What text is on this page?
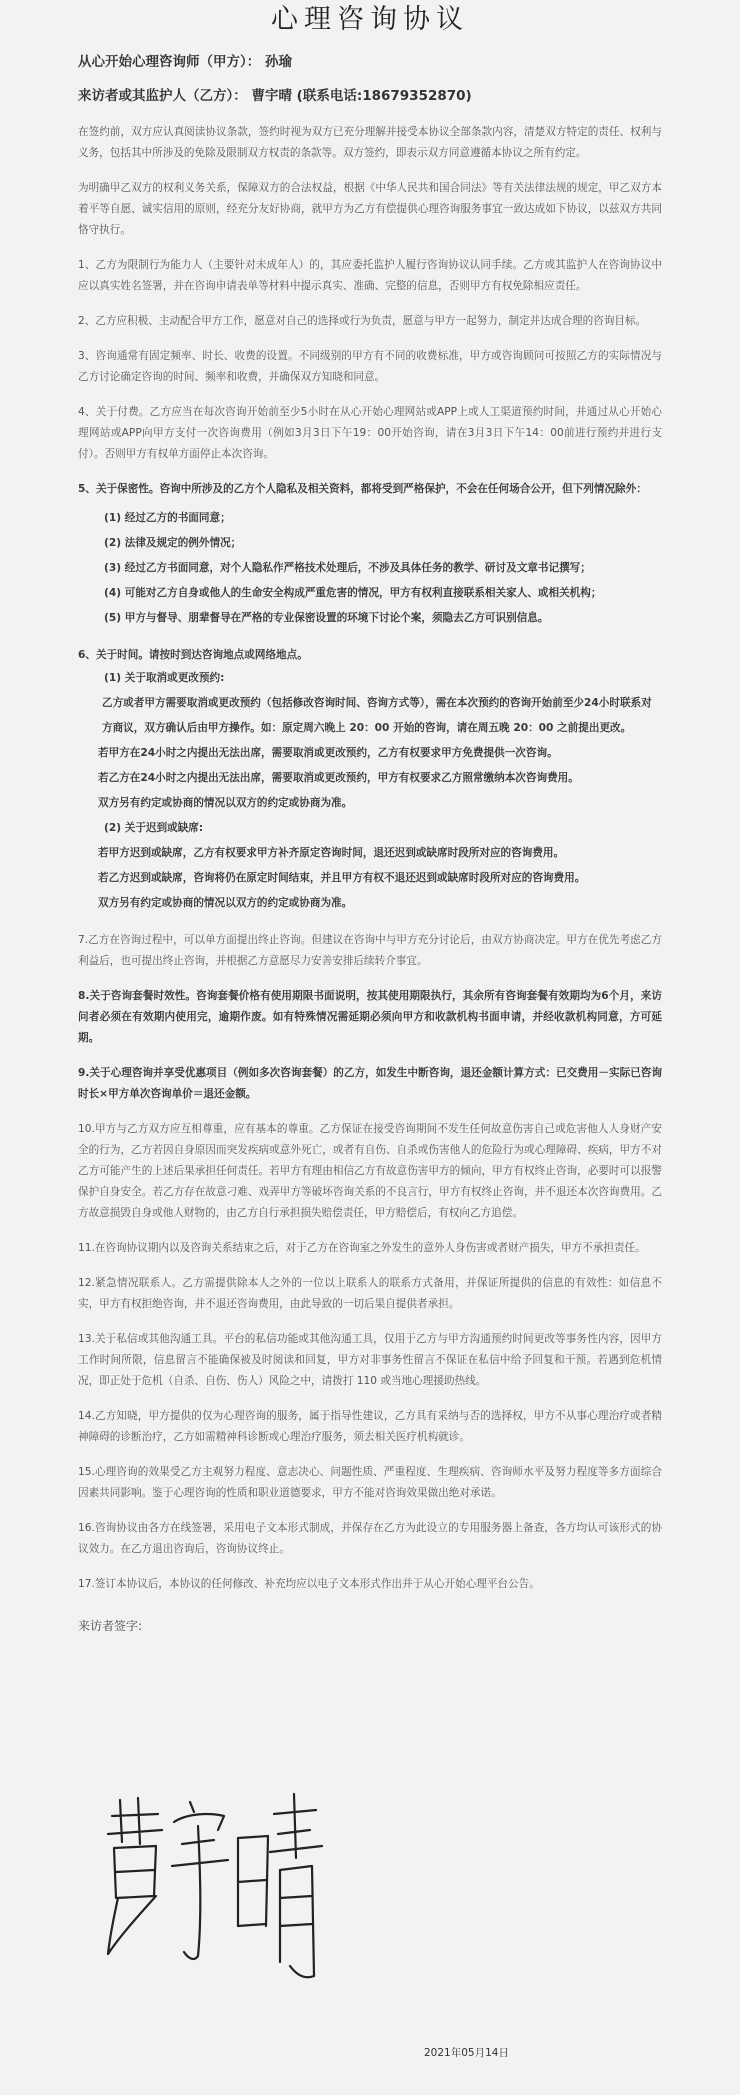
心理咨询协议
从心开始心理咨询师（甲方）： 孙瑜
来访者或其监护人（乙方）： 曹宇晴 (联系电话:18679352870)
在签约前，双方应认真阅读协议条款，签约时视为双方已充分理解并接受本协议全部条款内容，清楚双方特定的责任、权利与义务，包括其中所涉及的免除及限制双方权责的条款等。双方签约，即表示双方同意遵循本协议之所有约定。
为明确甲乙双方的权利义务关系，保障双方的合法权益，根据《中华人民共和国合同法》等有关法律法规的规定，甲乙双方本着平等自愿、诚实信用的原则，经充分友好协商，就甲方为乙方有偿提供心理咨询服务事宜一致达成如下协议，以兹双方共同恪守执行。
1、乙方为限制行为能力人（主要针对未成年人）的，其应委托监护人履行咨询协议认同手续。乙方或其监护人在咨询协议中应以真实姓名签署，并在咨询申请表单等材料中提示真实、准确、完整的信息，否则甲方有权免除相应责任。
2、乙方应积极、主动配合甲方工作，愿意对自己的选择或行为负责，愿意与甲方一起努力，制定并达成合理的咨询目标。
3、咨询通常有固定频率、时长、收费的设置。不同级别的甲方有不同的收费标准，甲方或咨询顾问可按照乙方的实际情况与乙方讨论确定咨询的时间、频率和收费，并确保双方知晓和同意。
4、关于付费。乙方应当在每次咨询开始前至少5小时在从心开始心理网站或APP上或人工渠道预约时间，并通过从心开始心理网站或APP向甲方支付一次咨询费用（例如3月3日下午19：00开始咨询，请在3月3日下午14：00前进行预约并进行支付）。否则甲方有权单方面停止本次咨询。
5、关于保密性。咨询中所涉及的乙方个人隐私及相关资料，都将受到严格保护，不会在任何场合公开，但下列情况除外：
(1) 经过乙方的书面同意；
(2) 法律及规定的例外情况；
(3) 经过乙方书面同意，对个人隐私作严格技术处理后，不涉及具体任务的教学、研讨及文章书记撰写；
(4) 可能对乙方自身或他人的生命安全构成严重危害的情况，甲方有权利直接联系相关家人、或相关机构；
(5) 甲方与督导、朋辈督导在严格的专业保密设置的环境下讨论个案，须隐去乙方可识别信息。
6、关于时间。请按时到达咨询地点或网络地点。
(1) 关于取消或更改预约:
乙方或者甲方需要取消或更改预约（包括修改咨询时间、咨询方式等），需在本次预约的咨询开始前至少24小时联系对方商议，双方确认后由甲方操作。如：原定周六晚上 20：00 开始的咨询，请在周五晚 20：00 之前提出更改。
若甲方在24小时之内提出无法出席，需要取消或更改预约，乙方有权要求甲方免费提供一次咨询。
若乙方在24小时之内提出无法出席，需要取消或更改预约，甲方有权要求乙方照常缴纳本次咨询费用。
双方另有约定或协商的情况以双方的约定或协商为准。
(2) 关于迟到或缺席:
若甲方迟到或缺席，乙方有权要求甲方补齐原定咨询时间，退还迟到或缺席时段所对应的咨询费用。
若乙方迟到或缺席，咨询将仍在原定时间结束，并且甲方有权不退还迟到或缺席时段所对应的咨询费用。
双方另有约定或协商的情况以双方的约定或协商为准。
7.乙方在咨询过程中，可以单方面提出终止咨询。但建议在咨询中与甲方充分讨论后，由双方协商决定。甲方在优先考虑乙方利益后，也可提出终止咨询，并根据乙方意愿尽力安善安排后续转介事宜。
8.关于咨询套餐时效性。咨询套餐价格有使用期限书面说明，按其使用期限执行，其余所有咨询套餐有效期均为6个月，来访问者必须在有效期内使用完，逾期作废。如有特殊情况需延期必须向甲方和收款机构书面申请，并经收款机构同意，方可延期。
9.关于心理咨询并享受优惠项目（例如多次咨询套餐）的乙方，如发生中断咨询，退还金额计算方式：已交费用－实际已咨询时长×甲方单次咨询单价＝退还金额。
10.甲方与乙方双方应互相尊重，应有基本的尊重。乙方保证在接受咨询期间不发生任何故意伤害自己或危害他人人身财产安全的行为，乙方若因自身原因而突发疾病或意外死亡，或者有自伤、自杀或伤害他人的危险行为或心理障碍、疾病，甲方不对乙方可能产生的上述后果承担任何责任。若甲方有理由相信乙方有故意伤害甲方的倾向，甲方有权终止咨询，必要时可以报警保护自身安全。若乙方存在故意刁难、戏弄甲方等破坏咨询关系的不良言行，甲方有权终止咨询，并不退还本次咨询费用。乙方故意损毁自身或他人财物的，由乙方自行承担损失赔偿责任，甲方赔偿后，有权向乙方追偿。
11.在咨询协议期内以及咨询关系结束之后，对于乙方在咨询室之外发生的意外人身伤害或者财产损失，甲方不承担责任。
12.紧急情况联系人。乙方需提供除本人之外的一位以上联系人的联系方式备用，并保证所提供的信息的有效性：如信息不实，甲方有权拒绝咨询，并不退还咨询费用，由此导致的一切后果自提供者承担。
13.关于私信或其他沟通工具。平台的私信功能或其他沟通工具，仅用于乙方与甲方沟通预约时间更改等事务性内容，因甲方工作时间所限，信息留言不能确保被及时阅读和回复，甲方对非事务性留言不保证在私信中给予回复和干预。若遇到危机情况，即正处于危机（自杀、自伤、伤人）风险之中，请拨打 110 或当地心理援助热线。
14.乙方知晓，甲方提供的仅为心理咨询的服务，属于指导性建议，乙方具有采纳与否的选择权，甲方不从事心理治疗或者精神障碍的诊断治疗，乙方如需精神科诊断或心理治疗服务，须去相关医疗机构就诊。
15.心理咨询的效果受乙方主观努力程度、意志决心、问题性质、严重程度、生理疾病、咨询师水平及努力程度等多方面综合因素共同影响。鉴于心理咨询的性质和职业道德要求，甲方不能对咨询效果做出绝对承诺。
16.咨询协议由各方在线签署，采用电子文本形式制成，并保存在乙方为此设立的专用服务器上备查，各方均认可该形式的协议效力。在乙方退出咨询后，咨询协议终止。
17.签订本协议后，本协议的任何修改、补充均应以电子文本形式作出并于从心开始心理平台公告。
来访者签字:
2021年05月14日
